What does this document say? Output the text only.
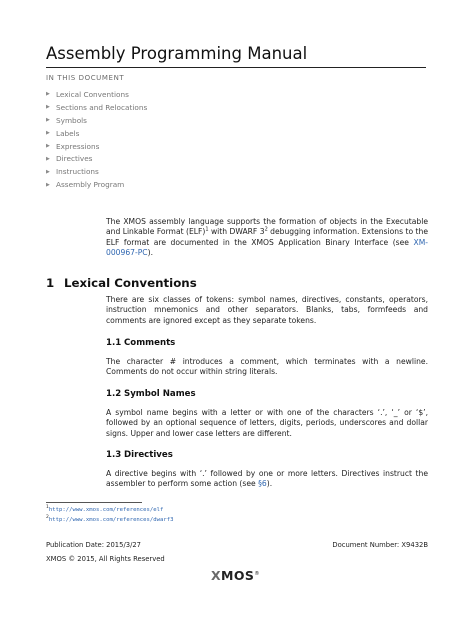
Assembly Programming Manual
IN THIS DOCUMENT
▶ Lexical Conventions
▶ Sections and Relocations
▶ Symbols
▶ Labels
▶ Expressions
▶ Directives
▶ Instructions
▶ Assembly Program

The XMOS assembly language supports the formation of objects in the Executable and Linkable Format (ELF)$^1$ with DWARF $3^2$ debugging information. Extensions to the ELF format are documented in the XMOS Application Binary Interface (see XM-000967-PC).

1 Lexical Conventions

There are six classes of tokens: symbol names, directives, constants, operators, instruction mnemonics and other separators. Blanks, tabs, formfeeds and comments are ignored except as they separate tokens.

1.1 Comments

The character # introduces a comment, which terminates with a newline. Comments do not occur within string literals.

1.2 Symbol Names

A symbol name begins with a letter or with one of the characters ‘.’, ‘_’ or ‘$’, followed by an optional sequence of letters, digits, periods, underscores and dollar signs. Upper and lower case letters are different.

1.3 Directives

A directive begins with ‘.’ followed by one or more letters. Directives instruct the assembler to perform some action (see §6).

$^1$http://www.xmos.com/references/elf
$^2$http://www.xmos.com/references/dwarf3
Publication Date: 2015/3/27	Document Number: X9432B
XMOS © 2015, All Rights Reserved
XMOS®
